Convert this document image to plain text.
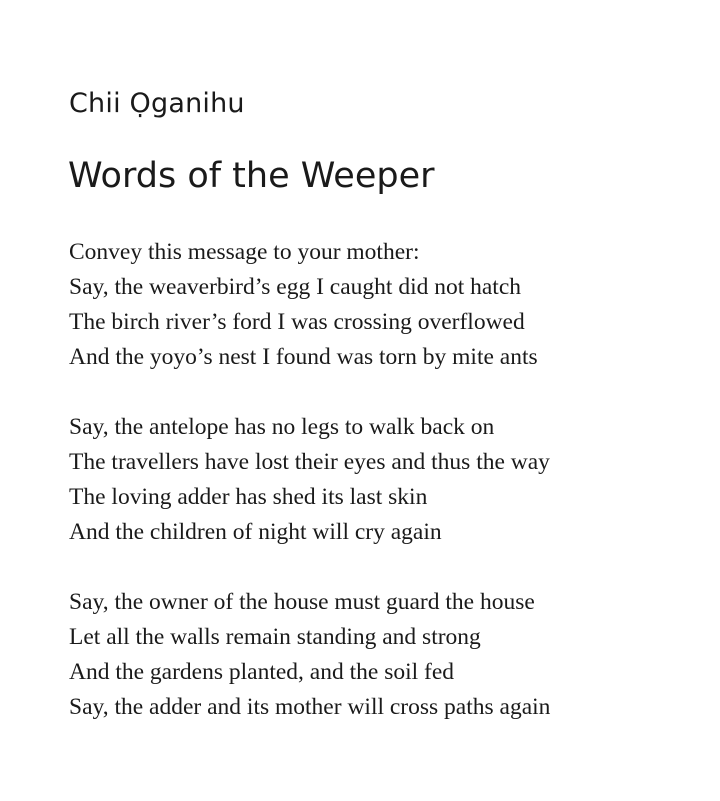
Chii Ọganihu
Words of the Weeper
Convey this message to your mother:
Say, the weaverbird’s egg I caught did not hatch
The birch river’s ford I was crossing overflowed
And the yoyo’s nest I found was torn by mite ants
Say, the antelope has no legs to walk back on
The travellers have lost their eyes and thus the way
The loving adder has shed its last skin
And the children of night will cry again
Say, the owner of the house must guard the house
Let all the walls remain standing and strong
And the gardens planted, and the soil fed
Say, the adder and its mother will cross paths again
